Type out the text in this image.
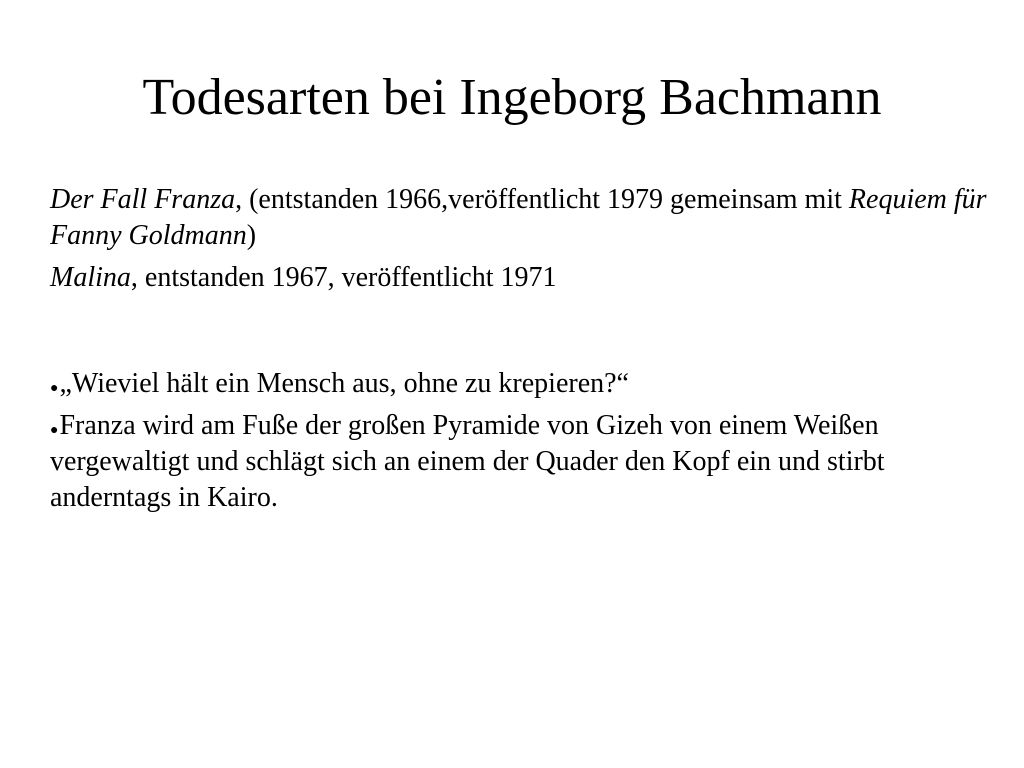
Todesarten bei Ingeborg Bachmann

Der Fall Franza, (entstanden 1966,veröffentlicht 1979 gemeinsam mit Requiem für Fanny Goldmann)

Malina, entstanden 1967, veröffentlicht 1971

●„Wieviel hält ein Mensch aus, ohne zu krepieren?“

●Franza wird am Fuße der großen Pyramide von Gizeh von einem Weißen vergewaltigt und schlägt sich an einem der Quader den Kopf ein und stirbt anderntags in Kairo.
